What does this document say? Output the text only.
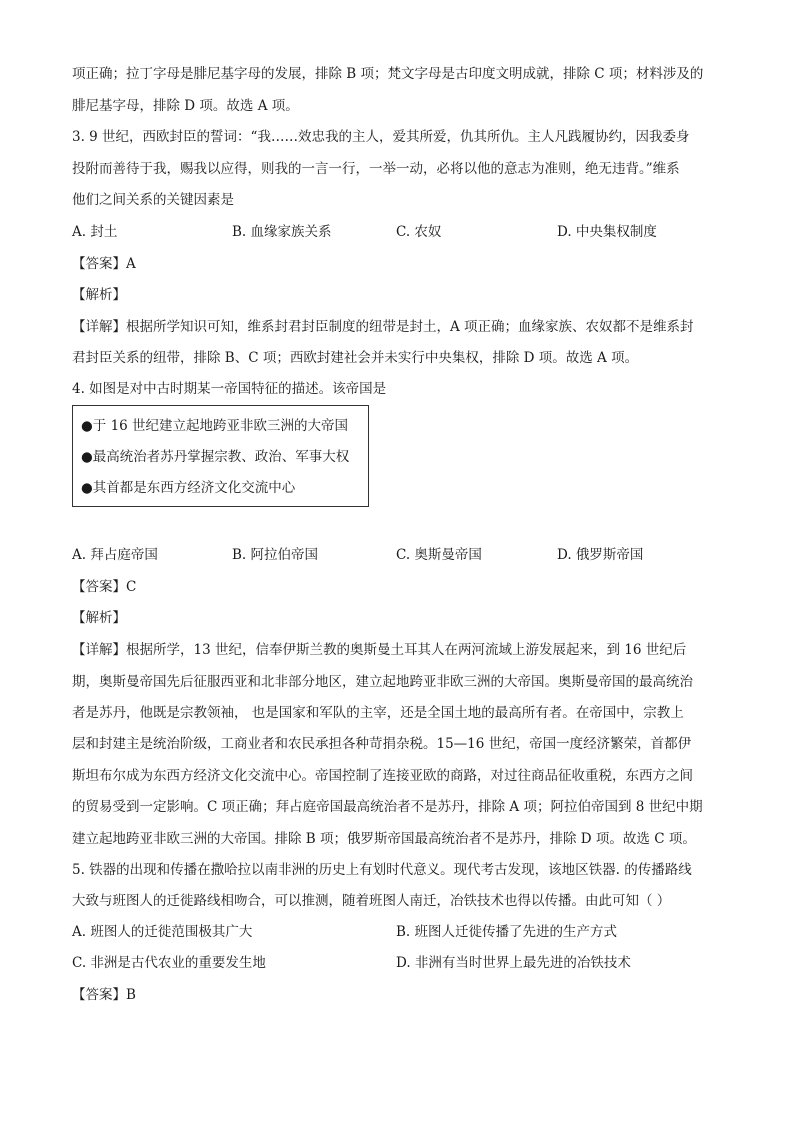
项正确；拉丁字母是腓尼基字母的发展，排除 B 项；梵文字母是古印度文明成就，排除 C 项；材料涉及的
腓尼基字母，排除 D 项。故选 A 项。
3. 9 世纪，西欧封臣的誓词：“我……效忠我的主人，爱其所爱，仇其所仇。主人凡践履协约，因我委身
投附而善待于我，赐我以应得，则我的一言一行，一举一动，必将以他的意志为准则，绝无违背。”维系
他们之间关系的关键因素是
A. 封土	B. 血缘家族关系	C. 农奴	D. 中央集权制度
【答案】A
【解析】
【详解】根据所学知识可知，维系封君封臣制度的纽带是封土，A 项正确；血缘家族、农奴都不是维系封
君封臣关系的纽带，排除 B、C 项；西欧封建社会并未实行中央集权，排除 D 项。故选 A 项。
4. 如图是对中古时期某一帝国特征的描述。该帝国是
●于 16 世纪建立起地跨亚非欧三洲的大帝国
●最高统治者苏丹掌握宗教、政治、军事大权
●其首都是东西方经济文化交流中心
A. 拜占庭帝国	B. 阿拉伯帝国	C. 奥斯曼帝国	D. 俄罗斯帝国
【答案】C
【解析】
【详解】根据所学，13 世纪，信奉伊斯兰教的奥斯曼土耳其人在两河流域上游发展起来，到 16 世纪后
期，奥斯曼帝国先后征服西亚和北非部分地区，建立起地跨亚非欧三洲的大帝国。奥斯曼帝国的最高统治
者是苏丹，他既是宗教领袖， 也是国家和军队的主宰，还是全国土地的最高所有者。在帝国中，宗教上
层和封建主是统治阶级，工商业者和农民承担各种苛捐杂税。15—16 世纪，帝国一度经济繁荣，首都伊
斯坦布尔成为东西方经济文化交流中心。帝国控制了连接亚欧的商路，对过往商品征收重税，东西方之间
的贸易受到一定影响。C 项正确；拜占庭帝国最高统治者不是苏丹，排除 A 项；阿拉伯帝国到 8 世纪中期
建立起地跨亚非欧三洲的大帝国。排除 B 项；俄罗斯帝国最高统治者不是苏丹，排除 D 项。故选 C 项。
5. 铁器的出现和传播在撒哈拉以南非洲的历史上有划时代意义。现代考古发现，该地区铁器. 的传播路线
大致与班图人的迁徙路线相吻合，可以推测，随着班图人南迁，冶铁技术也得以传播。由此可知（ ）
A. 班图人的迁徙范围极其广大	B. 班图人迁徙传播了先进的生产方式
C. 非洲是古代农业的重要发生地	D. 非洲有当时世界上最先进的冶铁技术
【答案】B
